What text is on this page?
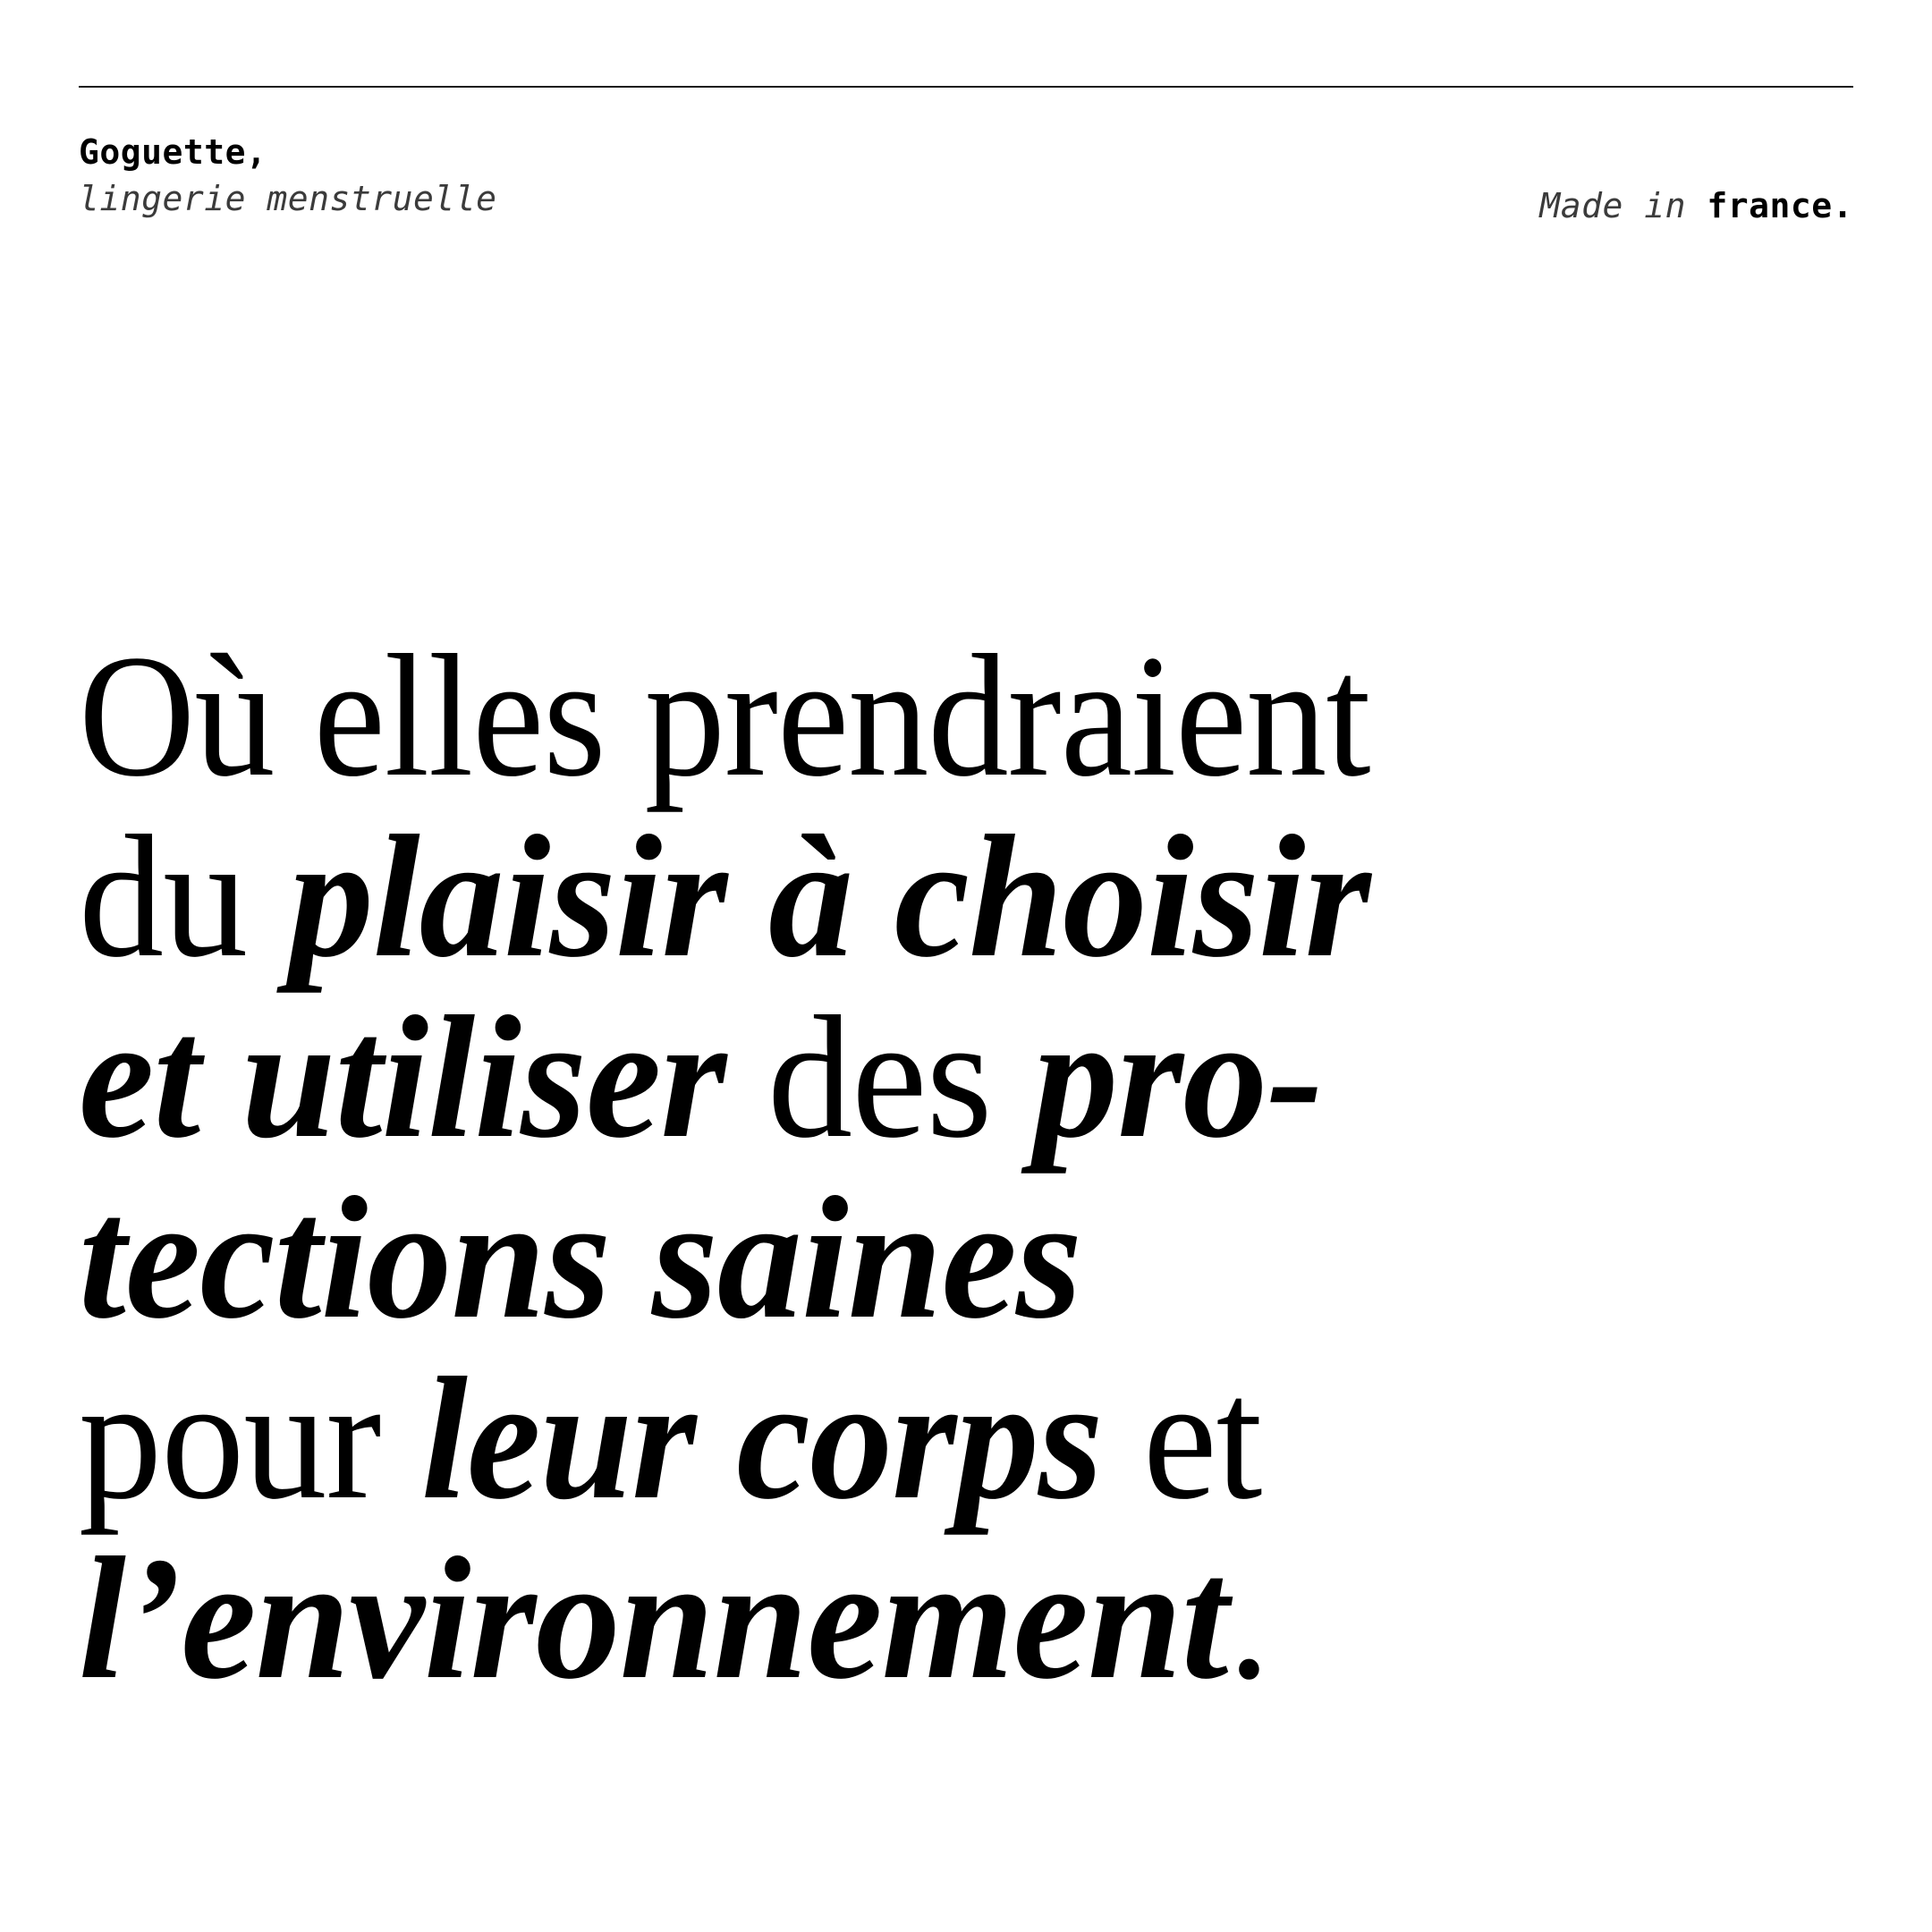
Goguette,
lingerie menstruelle	Made in france.
Où elles prendraient
du plaisir à choisir
et utiliser des pro-
tections saines
pour leur corps et
l’environnement.
